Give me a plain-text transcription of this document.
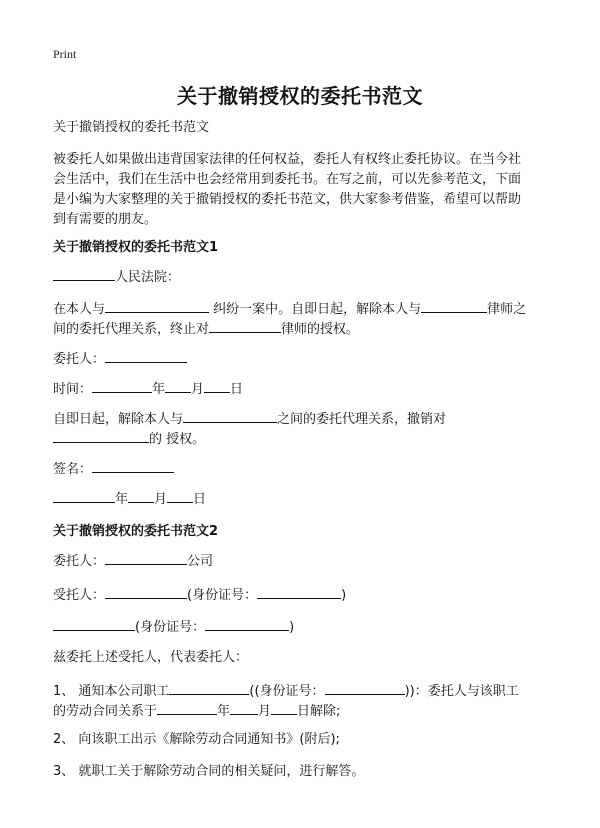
Print
关于撤销授权的委托书范文
关于撤销授权的委托书范文
被委托人如果做出违背国家法律的任何权益，委托人有权终止委托协议。在当今社
会生活中，我们在生活中也会经常用到委托书。在写之前，可以先参考范文，下面
是小编为大家整理的关于撤销授权的委托书范文，供大家参考借鉴，希望可以帮助
到有需要的朋友。
关于撤销授权的委托书范文1
人民法院：
在本人与	纠纷一案中。自即日起，解除本人与	律师之
间的委托代理关系，终止对	律师的授权。
委托人：
时间：	年 月 日
自即日起，解除本人与	之间的委托代理关系，撤销对
的 授权。
签名：
年 月 日
关于撤销授权的委托书范文2
委托人：	公司
受托人：	(身份证号：	)
(身份证号：	)
兹委托上述受托人，代表委托人：
1、 通知本公司职工	((身份证号：	))：委托人与该职工
的劳动合同关系于	年 月 日解除;
2、 向该职工出示《解除劳动合同通知书》(附后);
3、 就职工关于解除劳动合同的相关疑问，进行解答。
